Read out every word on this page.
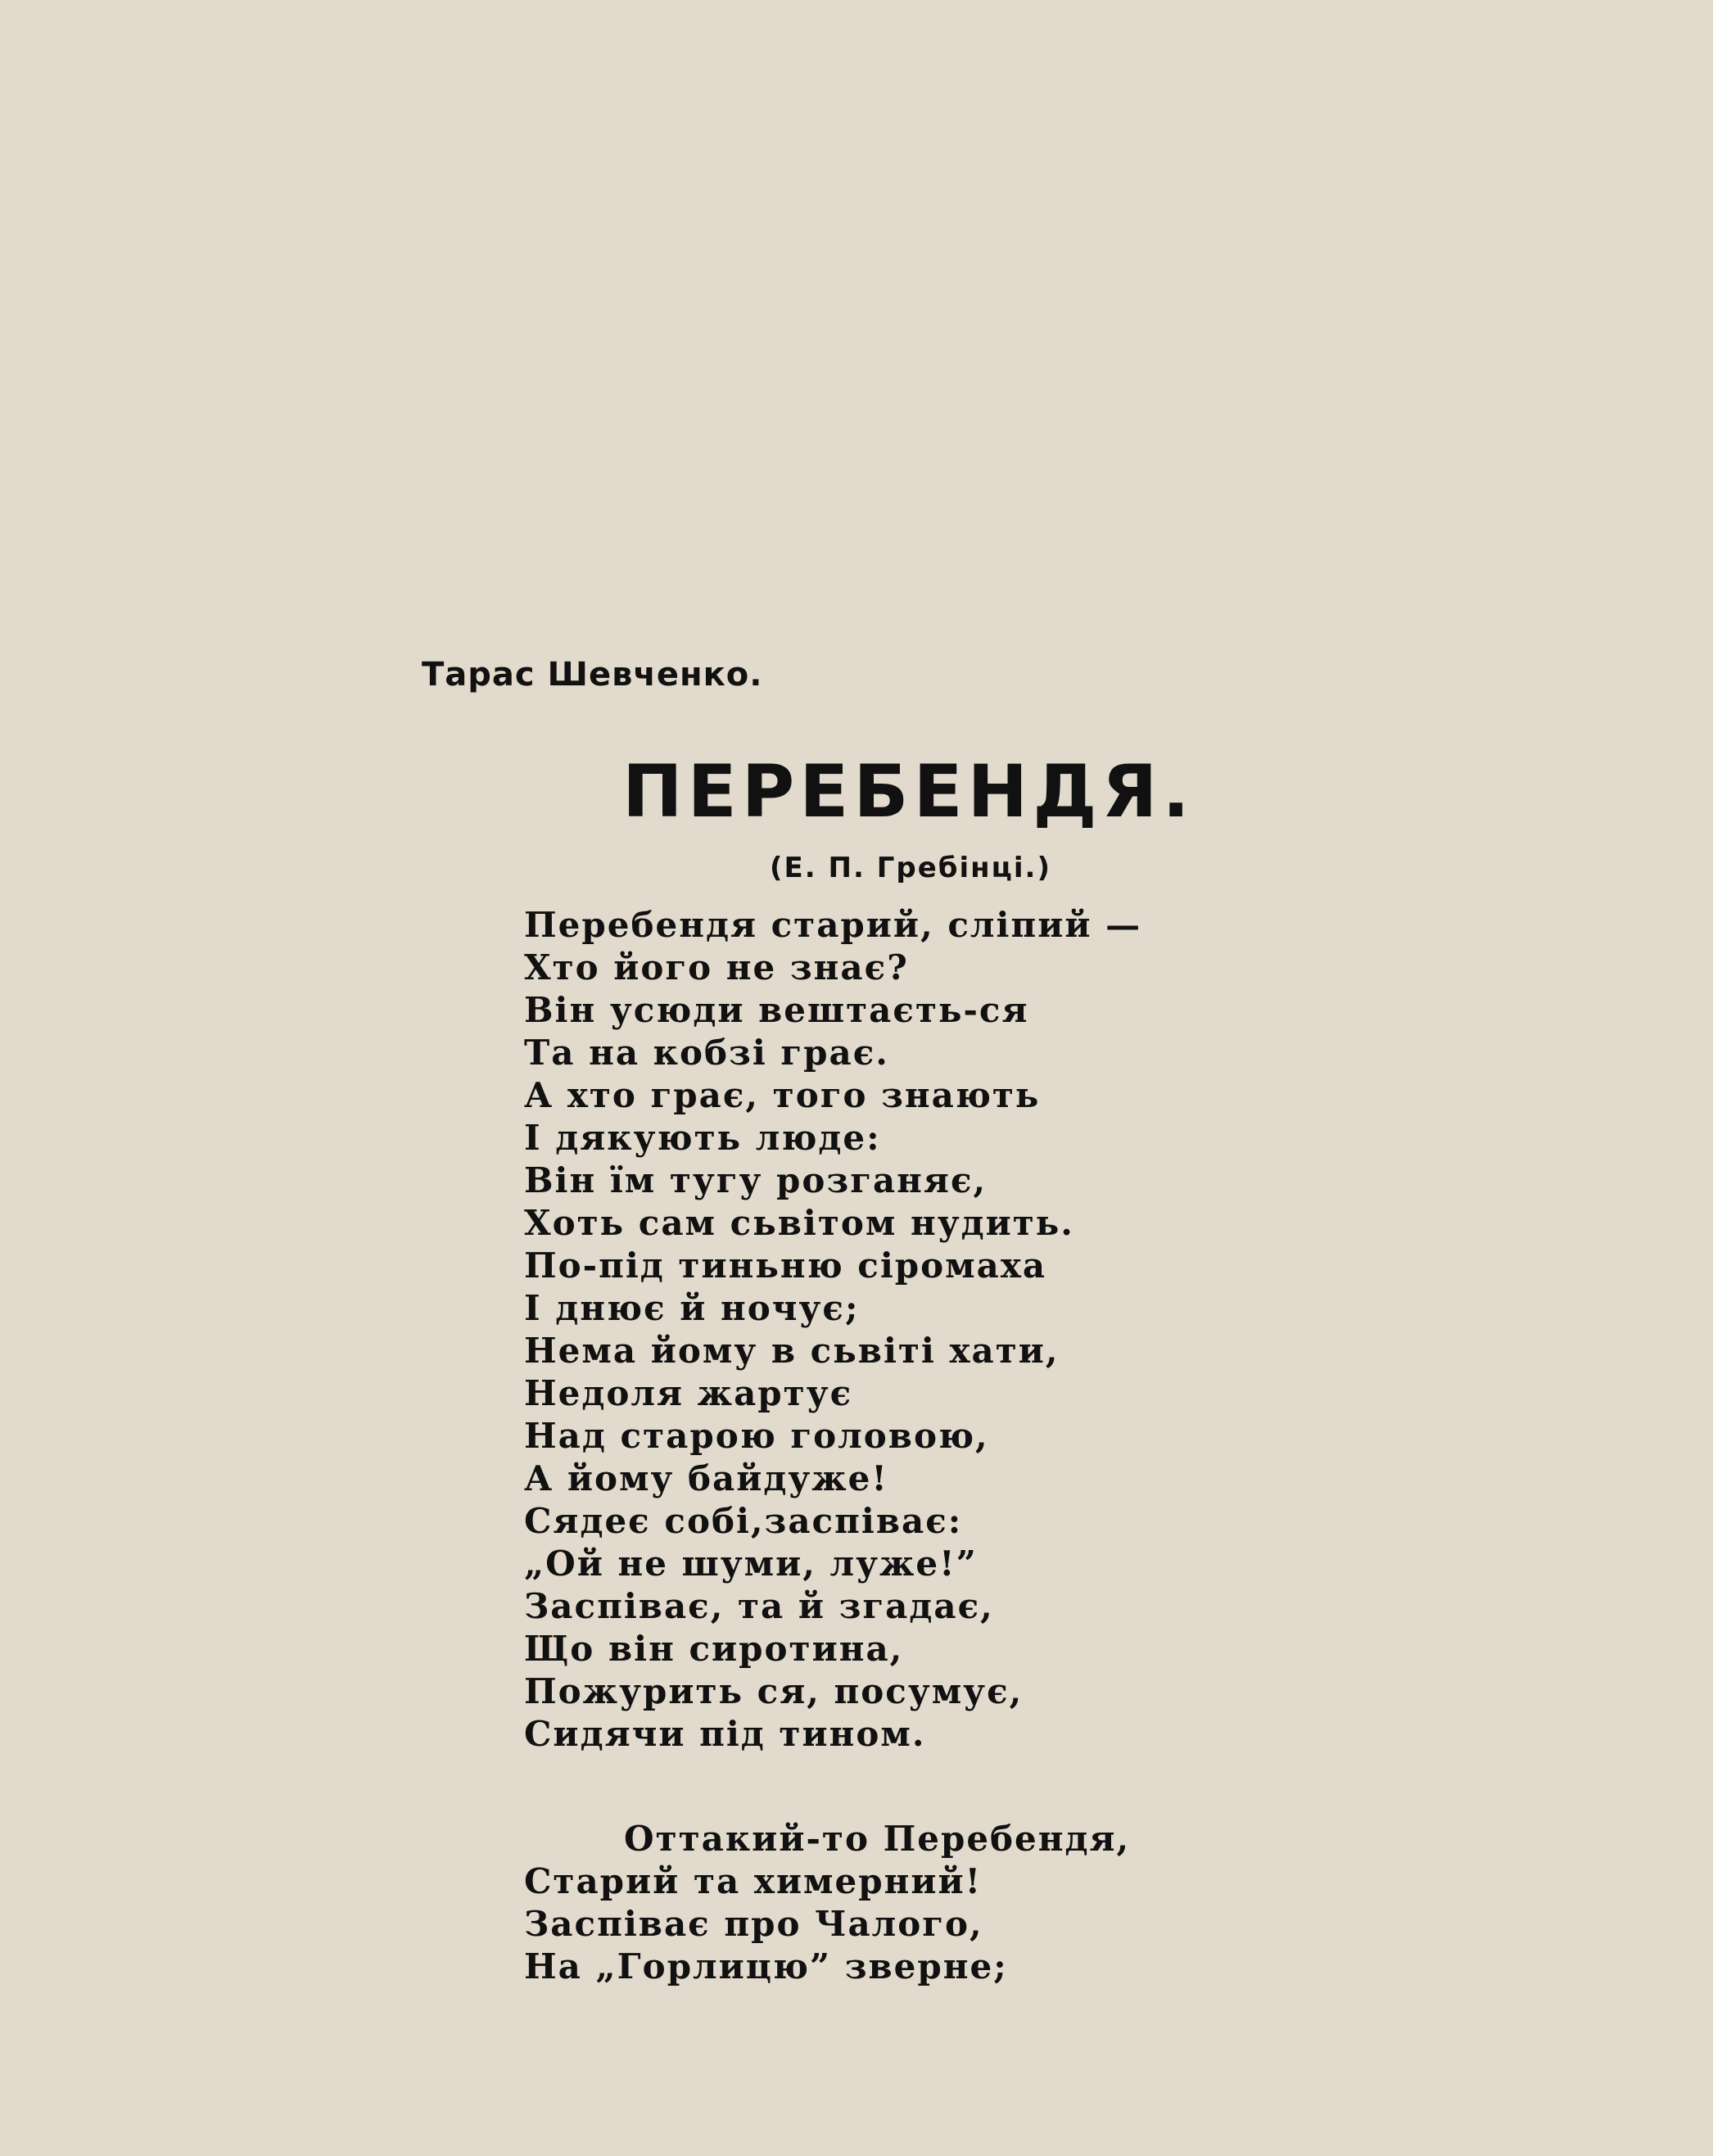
Тарас Шевченко.
ПЕРЕБЕНДЯ.
(Е. П. Гребінці.)
Перебендя старий, сліпий —
Хто його не знає?
Він усюди вештаєть-ся
Та на кобзі грає.
А хто грає, того знають
І дякують люде:
Він їм тугу розганяє,
Хоть сам сьвітом нудить.
По-під тиньню сіромаха
І днює й ночує;
Нема йому в сьвіті хати,
Недоля жартує
Над старою головою,
А йому байдуже!
Сядеє собі,заспіває:
„Ой не шуми, луже!”
Заспіває, та й згадає,
Що він сиротина,
Пожурить ся, посумує,
Сидячи під тином.
Оттакий-то Перебендя,
Старий та химерний!
Заспіває про Чалого,
На „Горлицю” зверне;
